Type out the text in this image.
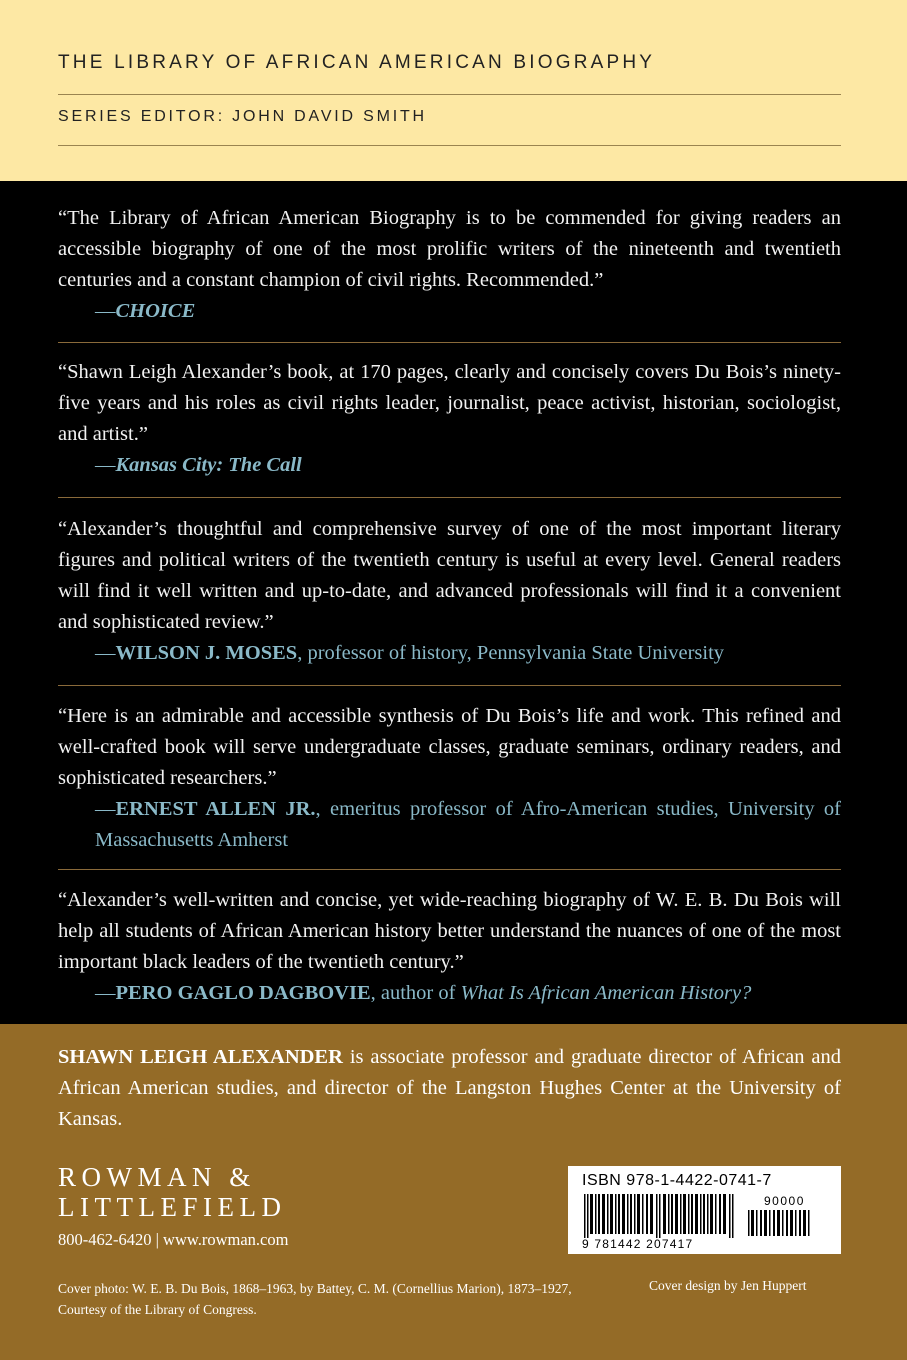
THE LIBRARY OF AFRICAN AMERICAN BIOGRAPHY
SERIES EDITOR: JOHN DAVID SMITH

“The Library of African American Biography is to be commended for giving readers an accessible biography of one of the most prolific writers of the nineteenth and twentieth centuries and a constant champion of civil rights. Recommended.”

—CHOICE

“Shawn Leigh Alexander’s book, at 170 pages, clearly and concisely covers Du Bois’s ninety-five years and his roles as civil rights leader, journalist, peace activist, historian, sociologist, and artist.”

—Kansas City: The Call

“Alexander’s thoughtful and comprehensive survey of one of the most important literary figures and political writers of the twentieth century is useful at every level. General readers will find it well written and up-to-date, and advanced professionals will find it a convenient and sophisticated review.”

—WILSON J. MOSES, professor of history, Pennsylvania State University

“Here is an admirable and accessible synthesis of Du Bois’s life and work. This refined and well-crafted book will serve undergraduate classes, graduate seminars, ordinary readers, and sophisticated researchers.”

—ERNEST ALLEN JR., emeritus professor of Afro-American studies, University of Massachusetts Amherst

“Alexander’s well-written and concise, yet wide-reaching biography of W. E. B. Du Bois will help all students of African American history better understand the nuances of one of the most important black leaders of the twentieth century.”

—PERO GAGLO DAGBOVIE, author of What Is African American History?

SHAWN LEIGH ALEXANDER is associate professor and graduate director of African and African American studies, and director of the Langston Hughes Center at the University of Kansas.

ROWMAN &
LITTLEFIELD
800-462-6420 | www.rowman.com
ISBN 978-1-4422-0741-7
90000
9 781442 207417
Cover photo: W. E. B. Du Bois, 1868–1963, by Battey, C. M. (Cornellius Marion), 1873–1927, Courtesy of the Library of Congress.
Cover design by Jen Huppert
